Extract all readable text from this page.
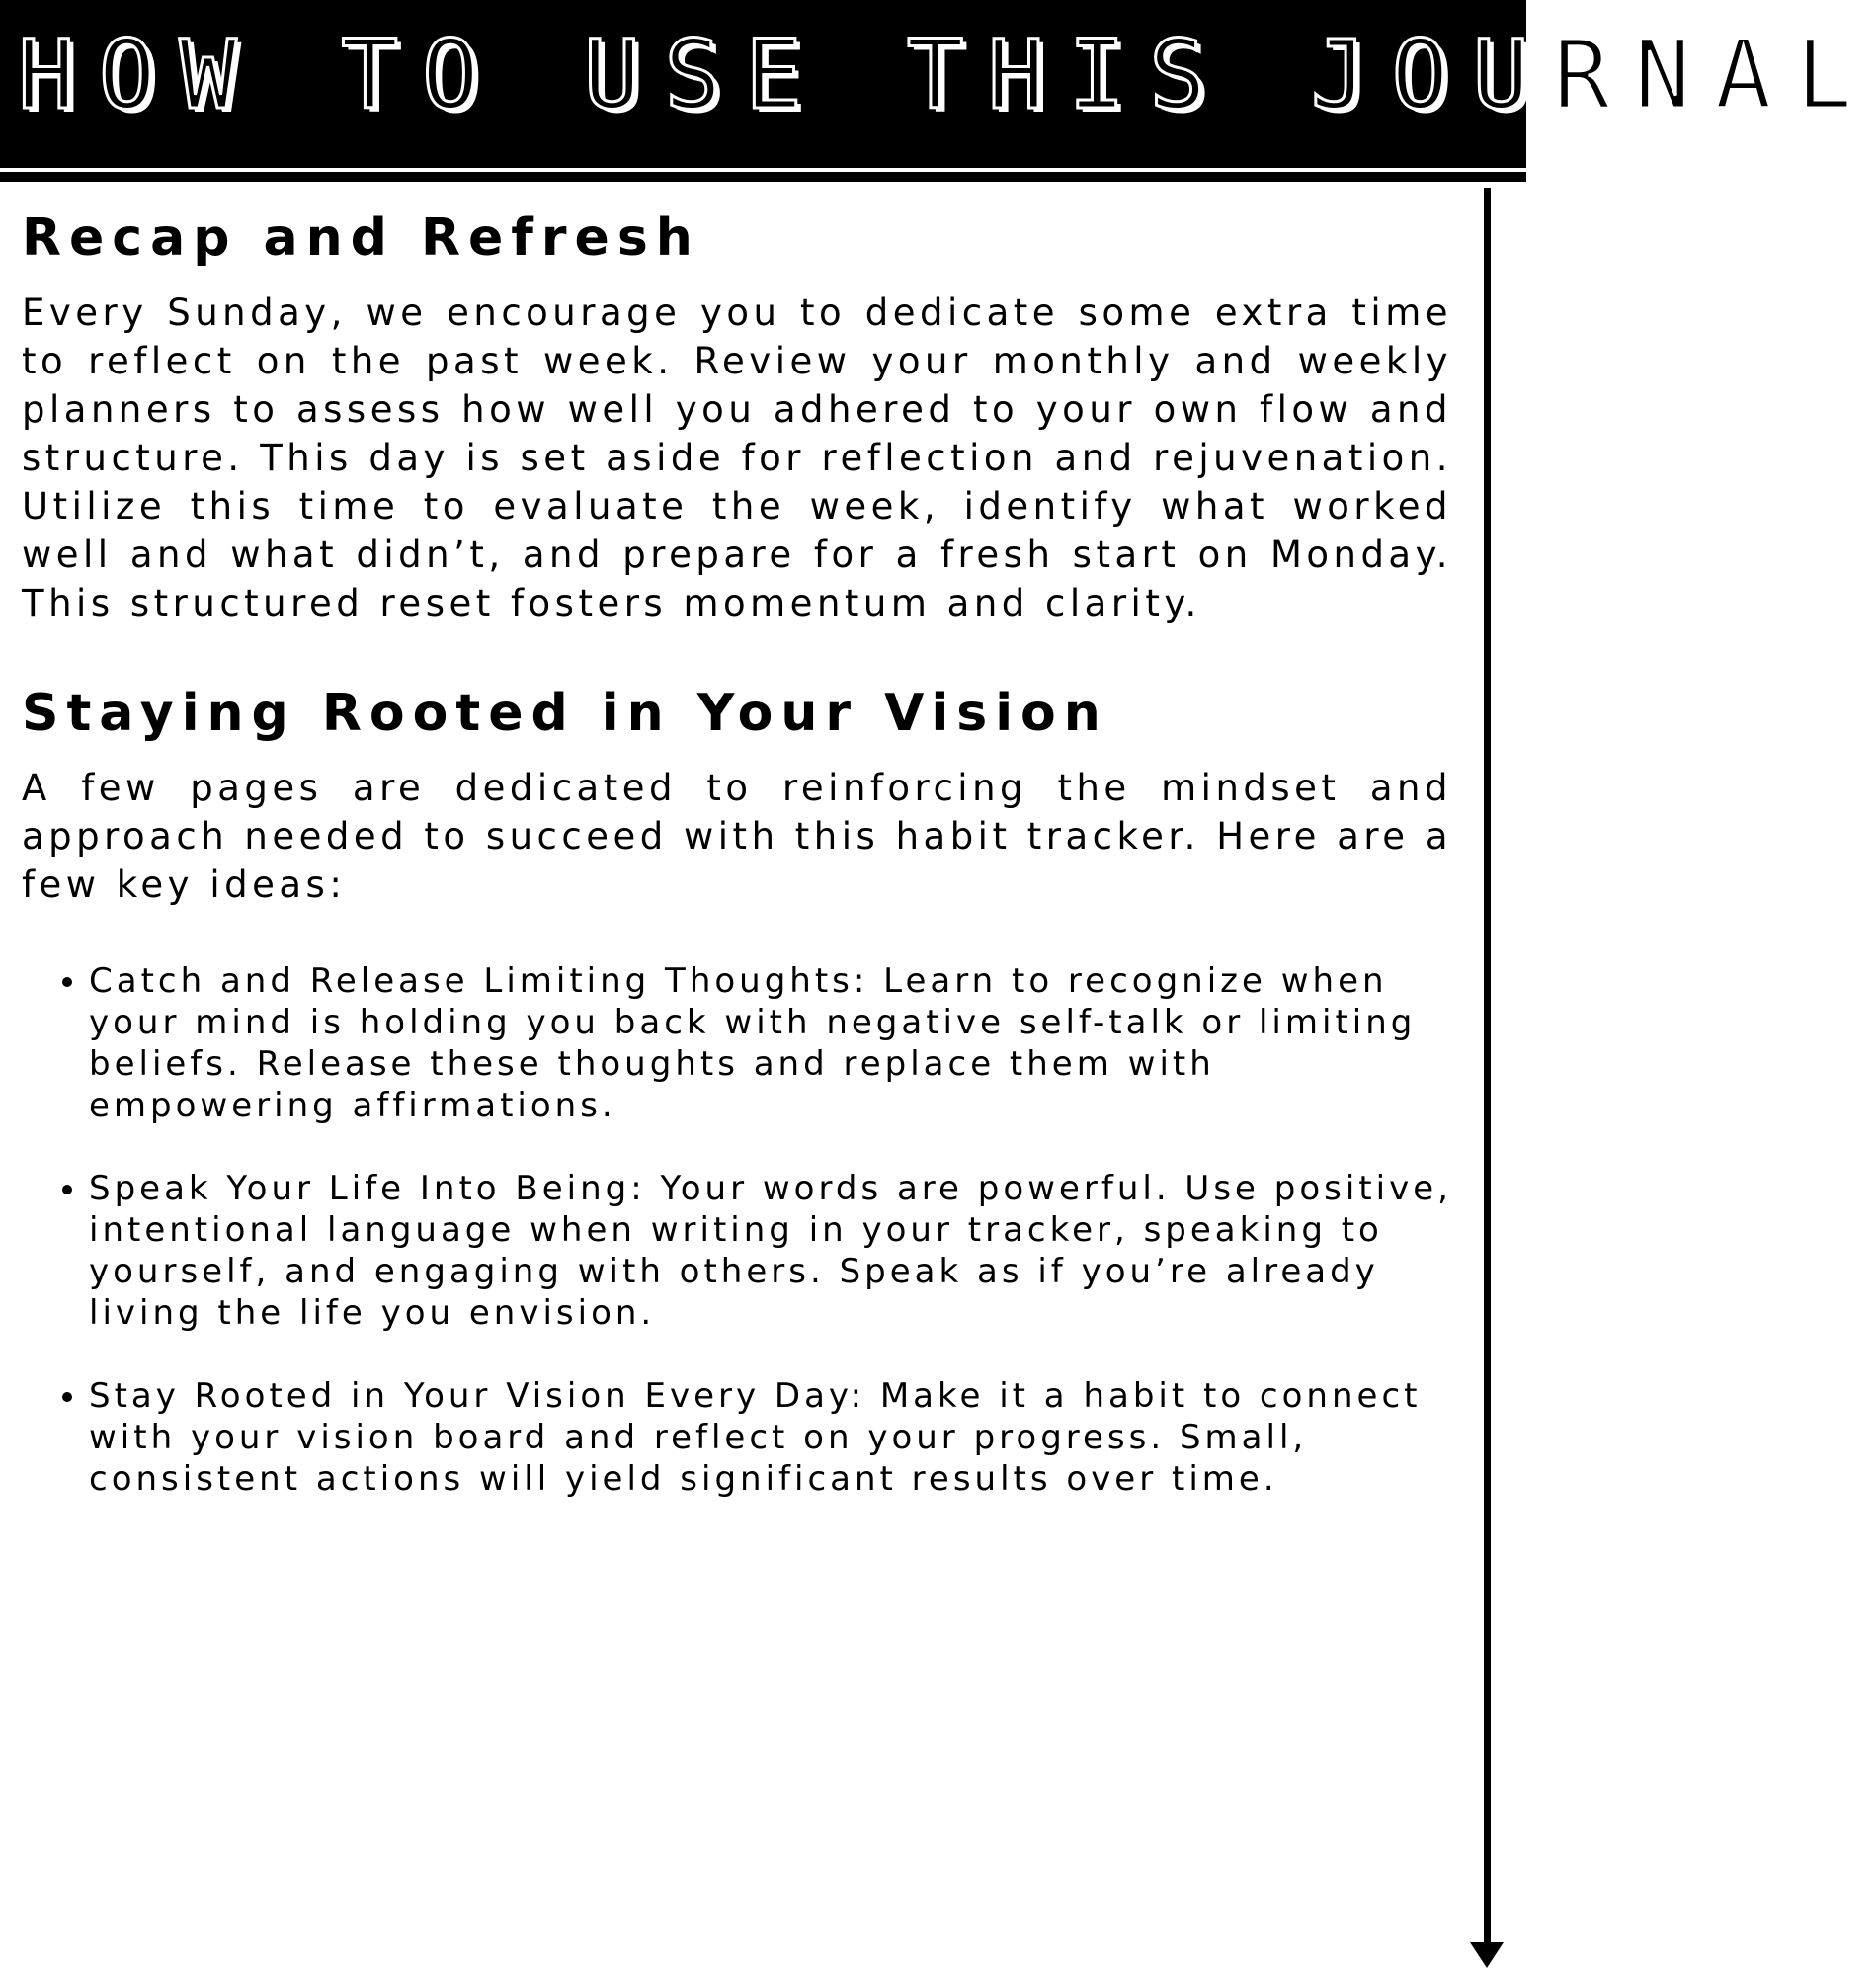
HOW TO USE THIS JOURNAL
Recap and Refresh

Every Sunday, we encourage you to dedicate some extra time to reflect on the past week. Review your monthly and weekly planners to assess how well you adhered to your own flow and structure. This day is set aside for reflection and rejuvenation. Utilize this time to evaluate the week, identify what worked well and what didn’t, and prepare for a fresh start on Monday. This structured reset fosters momentum and clarity.

Staying Rooted in Your Vision

A few pages are dedicated to reinforcing the mindset and approach needed to succeed with this habit tracker. Here are a few key ideas:

• Catch and Release Limiting Thoughts: Learn to recognize when your mind is holding you back with negative self-talk or limiting beliefs. Release these thoughts and replace them with empowering affirmations.
• Speak Your Life Into Being: Your words are powerful. Use positive, intentional language when writing in your tracker, speaking to yourself, and engaging with others. Speak as if you’re already living the life you envision.
• Stay Rooted in Your Vision Every Day: Make it a habit to connect with your vision board and reflect on your progress. Small, consistent actions will yield significant results over time.
